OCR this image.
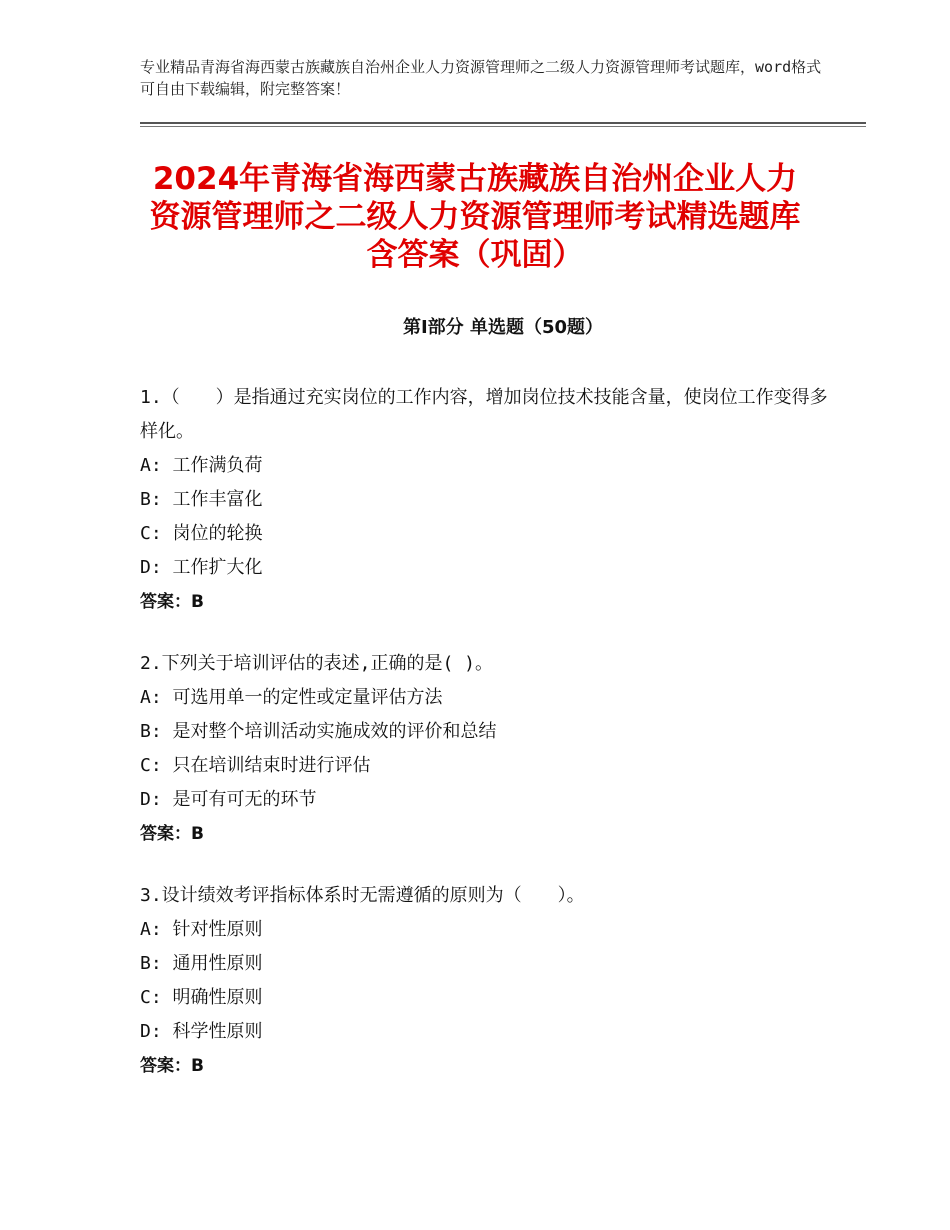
专业精品青海省海西蒙古族藏族自治州企业人力资源管理师之二级人力资源管理师考试题库，word格式可自由下载编辑，附完整答案！
2024年青海省海西蒙古族藏族自治州企业人力资源管理师之二级人力资源管理师考试精选题库含答案（巩固）
第Ⅰ部分 单选题（50题）
1.（　　）是指通过充实岗位的工作内容，增加岗位技术技能含量，使岗位工作变得多样化。
A: 工作满负荷
B: 工作丰富化
C: 岗位的轮换
D: 工作扩大化
答案：B
2.下列关于培训评估的表述,正确的是( )。
A: 可选用单一的定性或定量评估方法
B: 是对整个培训活动实施成效的评价和总结
C: 只在培训结束时进行评估
D: 是可有可无的环节
答案：B
3.设计绩效考评指标体系时无需遵循的原则为（　　）。
A: 针对性原则
B: 通用性原则
C: 明确性原则
D: 科学性原则
答案：B
